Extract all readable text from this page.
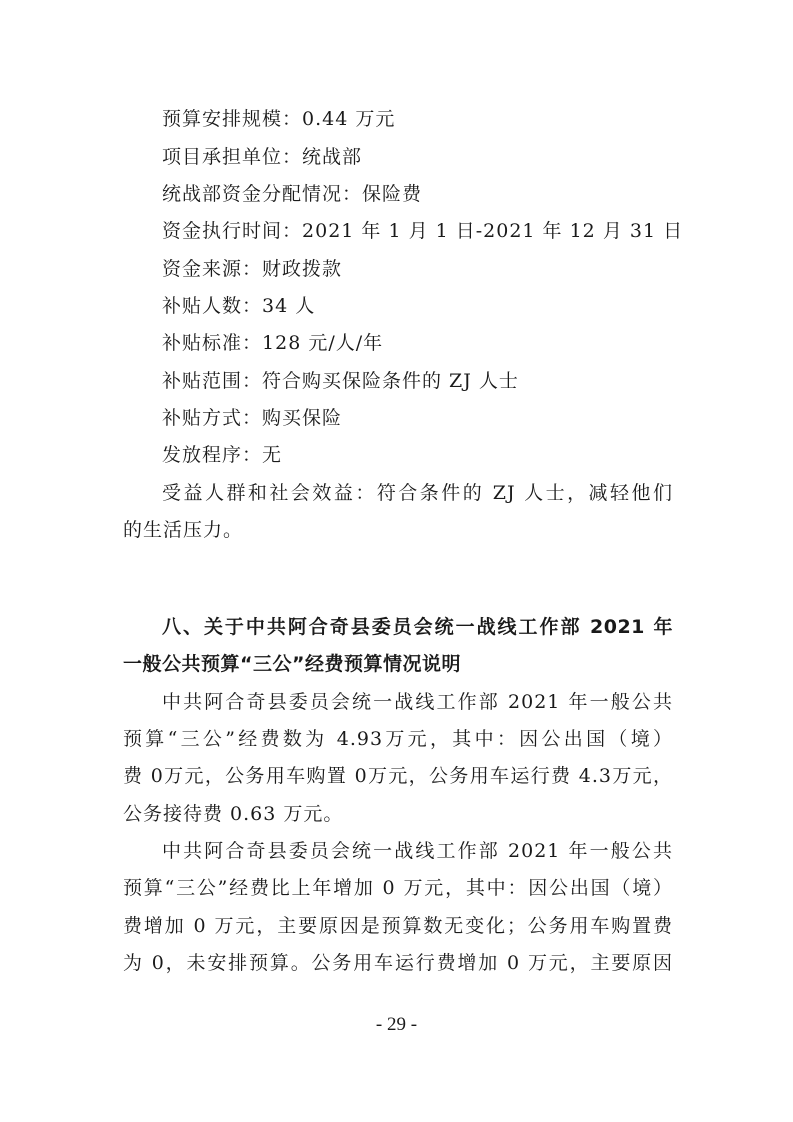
预算安排规模：0.44 万元
项目承担单位：统战部
统战部资金分配情况：保险费
资金执行时间：2021 年 1 月 1 日-2021 年 12 月 31 日
资金来源：财政拨款
补贴人数：34 人
补贴标准：128 元/人/年
补贴范围：符合购买保险条件的 ZJ 人士
补贴方式：购买保险
发放程序：无
受益人群和社会效益：符合条件的 ZJ 人士，减轻他们
的生活压力。
八、关于中共阿合奇县委员会统一战线工作部 2021 年
一般公共预算“三公”经费预算情况说明
中共阿合奇县委员会统一战线工作部 2021 年一般公共
预算“三公”经费数为 4.93万元，其中：因公出国（境）
费 0万元，公务用车购置 0万元，公务用车运行费 4.3万元，
公务接待费 0.63 万元。
中共阿合奇县委员会统一战线工作部 2021 年一般公共
预算“三公”经费比上年增加 0 万元，其中：因公出国（境）
费增加 0 万元，主要原因是预算数无变化；公务用车购置费
为 0，未安排预算。公务用车运行费增加 0 万元，主要原因
- 29 -
